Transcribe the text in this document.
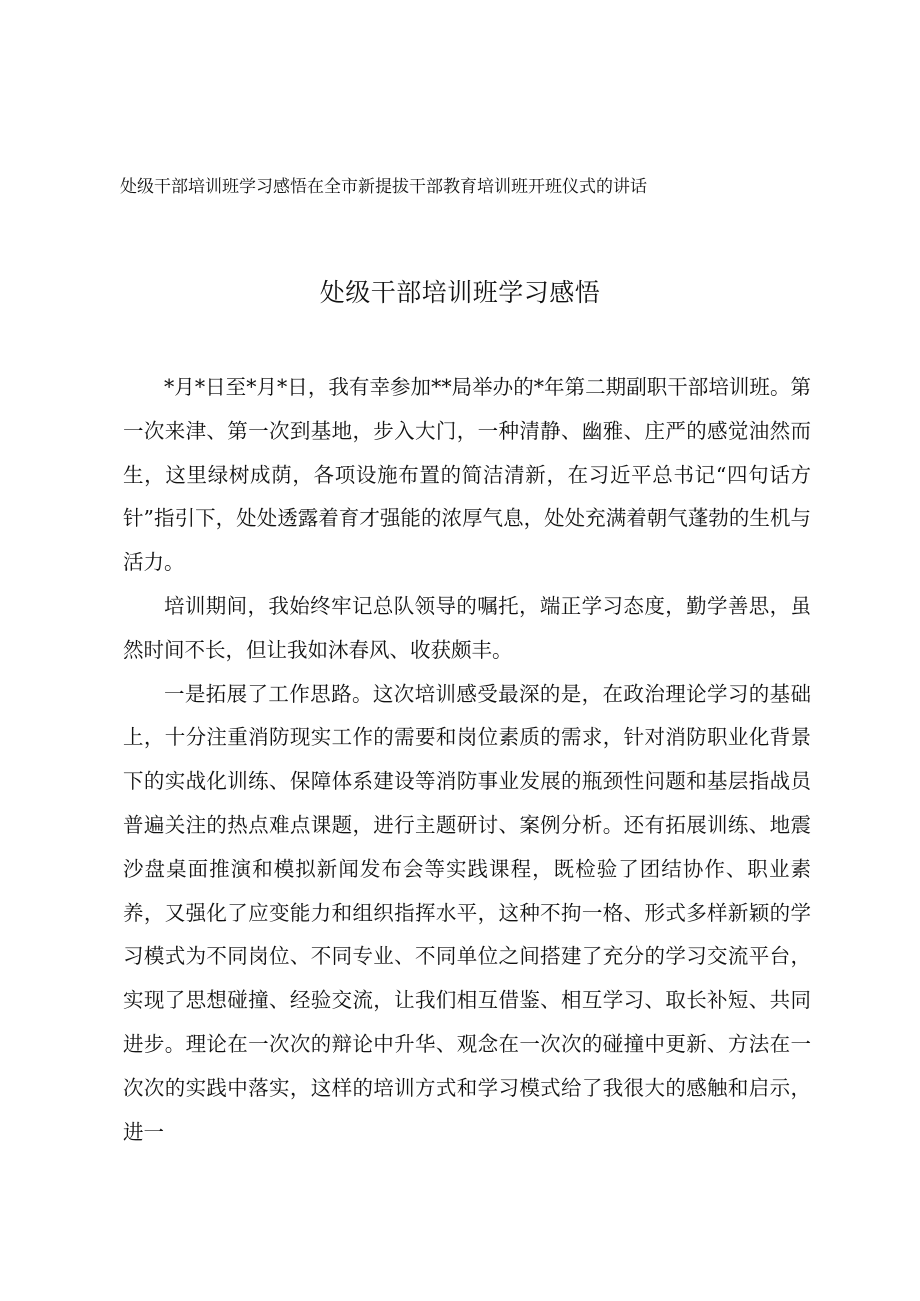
处级干部培训班学习感悟在全市新提拔干部教育培训班开班仪式的讲话
处级干部培训班学习感悟

*月*日至*月*日，我有幸参加**局举办的*年第二期副职干部培训班。第一次来津、第一次到基地，步入大门，一种清静、幽雅、庄严的感觉油然而生，这里绿树成荫，各项设施布置的简洁清新，在习近平总书记“四句话方针”指引下，处处透露着育才强能的浓厚气息，处处充满着朝气蓬勃的生机与活力。

培训期间，我始终牢记总队领导的嘱托，端正学习态度，勤学善思，虽然时间不长，但让我如沐春风、收获颇丰。

一是拓展了工作思路。这次培训感受最深的是，在政治理论学习的基础上，十分注重消防现实工作的需要和岗位素质的需求，针对消防职业化背景下的实战化训练、保障体系建设等消防事业发展的瓶颈性问题和基层指战员普遍关注的热点难点课题，进行主题研讨、案例分析。还有拓展训练、地震沙盘桌面推演和模拟新闻发布会等实践课程，既检验了团结协作、职业素养，又强化了应变能力和组织指挥水平，这种不拘一格、形式多样新颖的学习模式为不同岗位、不同专业、不同单位之间搭建了充分的学习交流平台，实现了思想碰撞、经验交流，让我们相互借鉴、相互学习、取长补短、共同进步。理论在一次次的辩论中升华、观念在一次次的碰撞中更新、方法在一次次的实践中落实，这样的培训方式和学习模式给了我很大的感触和启示，进一
